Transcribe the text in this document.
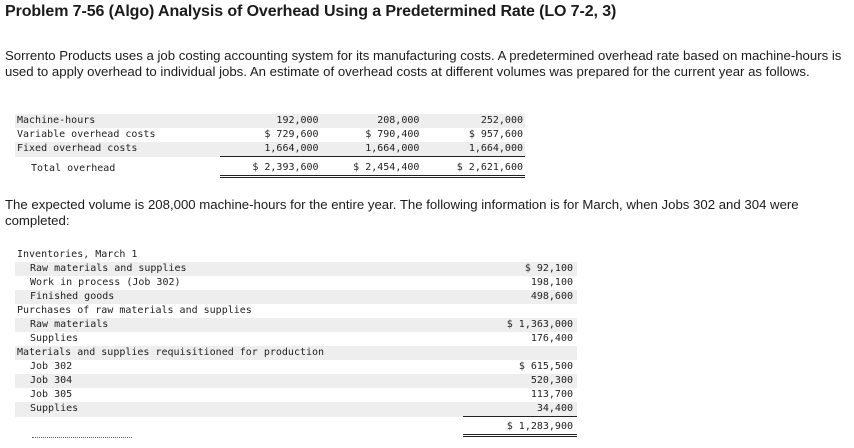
Problem 7-56 (Algo) Analysis of Overhead Using a Predetermined Rate (LO 7-2, 3)
Sorrento Products uses a job costing accounting system for its manufacturing costs. A predetermined overhead rate based on machine-hours is used to apply overhead to individual jobs. An estimate of overhead costs at different volumes was prepared for the current year as follows.
Machine-hours	192,000	208,000	252,000
Variable overhead costs	$ 729,600	$ 790,400	$ 957,600
Fixed overhead costs	1,664,000	1,664,000	1,664,000

Total overhead	$ 2,393,600	$ 2,454,400	$ 2,621,600
The expected volume is 208,000 machine-hours for the entire year. The following information is for March, when Jobs 302 and 304 were completed:
Inventories, March 1	
Raw materials and supplies	$ 92,100
Work in process (Job 302)	198,100
Finished goods	498,600
Purchases of raw materials and supplies	
Raw materials	$ 1,363,000
Supplies	176,400
Materials and supplies requisitioned for production	
Job 302	$ 615,500
Job 304	520,300
Job 305	113,700
Supplies	34,400

	$ 1,283,900
